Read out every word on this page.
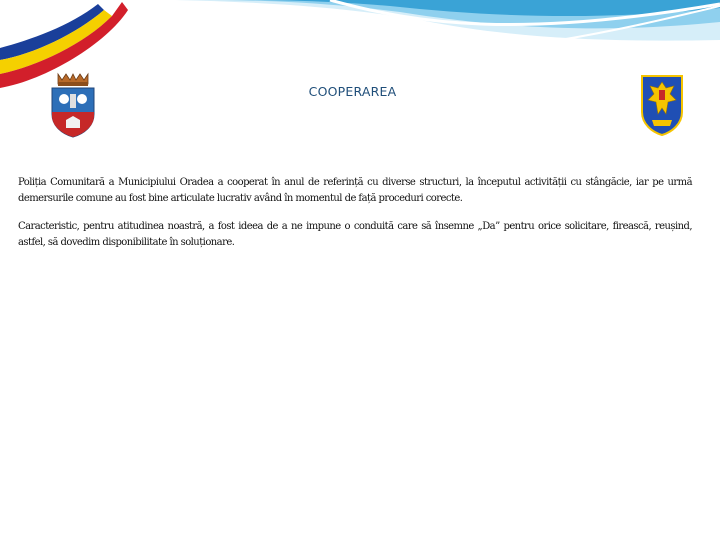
COOPERAREA

Poliția Comunitară a Municipiului Oradea a cooperat în anul de referință cu diverse structuri, la începutul activității cu stângăcie, iar pe urmă demersurile comune au fost bine articulate lucrativ având în momentul de față proceduri corecte.

Caracteristic, pentru atitudinea noastră, a fost ideea de a ne impune o conduită care să însemne „Da” pentru orice solicitare, firească, reușind, astfel, să dovedim disponibilitate în soluționare.
